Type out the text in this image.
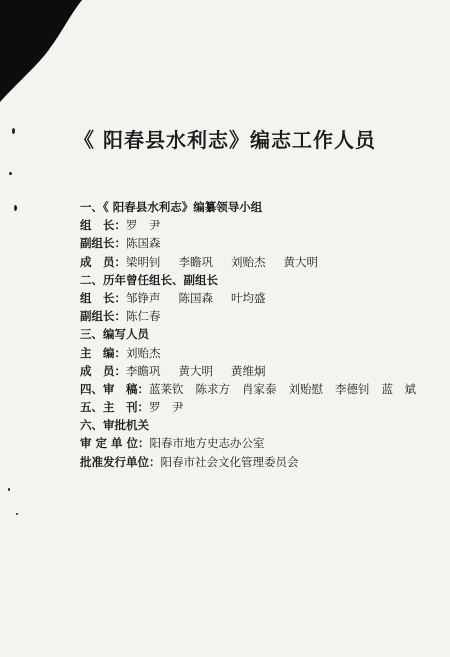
《 阳春县水利志》编志工作人员
一、《 阳春县水利志》编纂领导小组
组　长：罗　尹
副组长：陈国森
成　员：梁明钊 李瞻巩 刘贻杰 黄大明
二、历年曾任组长、副组长
组　长：邹铮声 陈国森 叶均盛
副组长：陈仁春
三、编写人员
主　编：刘贻杰
成　员：李瞻巩 黄大明 黄维炯
四、审　稿：蓝莱钦 陈求方 肖家泰 刘贻慰 李德钊 蓝　斌
五、主　刊：罗　尹
六、审批机关
审 定 单 位：阳春市地方史志办公室
批准发行单位：阳春市社会文化管理委员会
